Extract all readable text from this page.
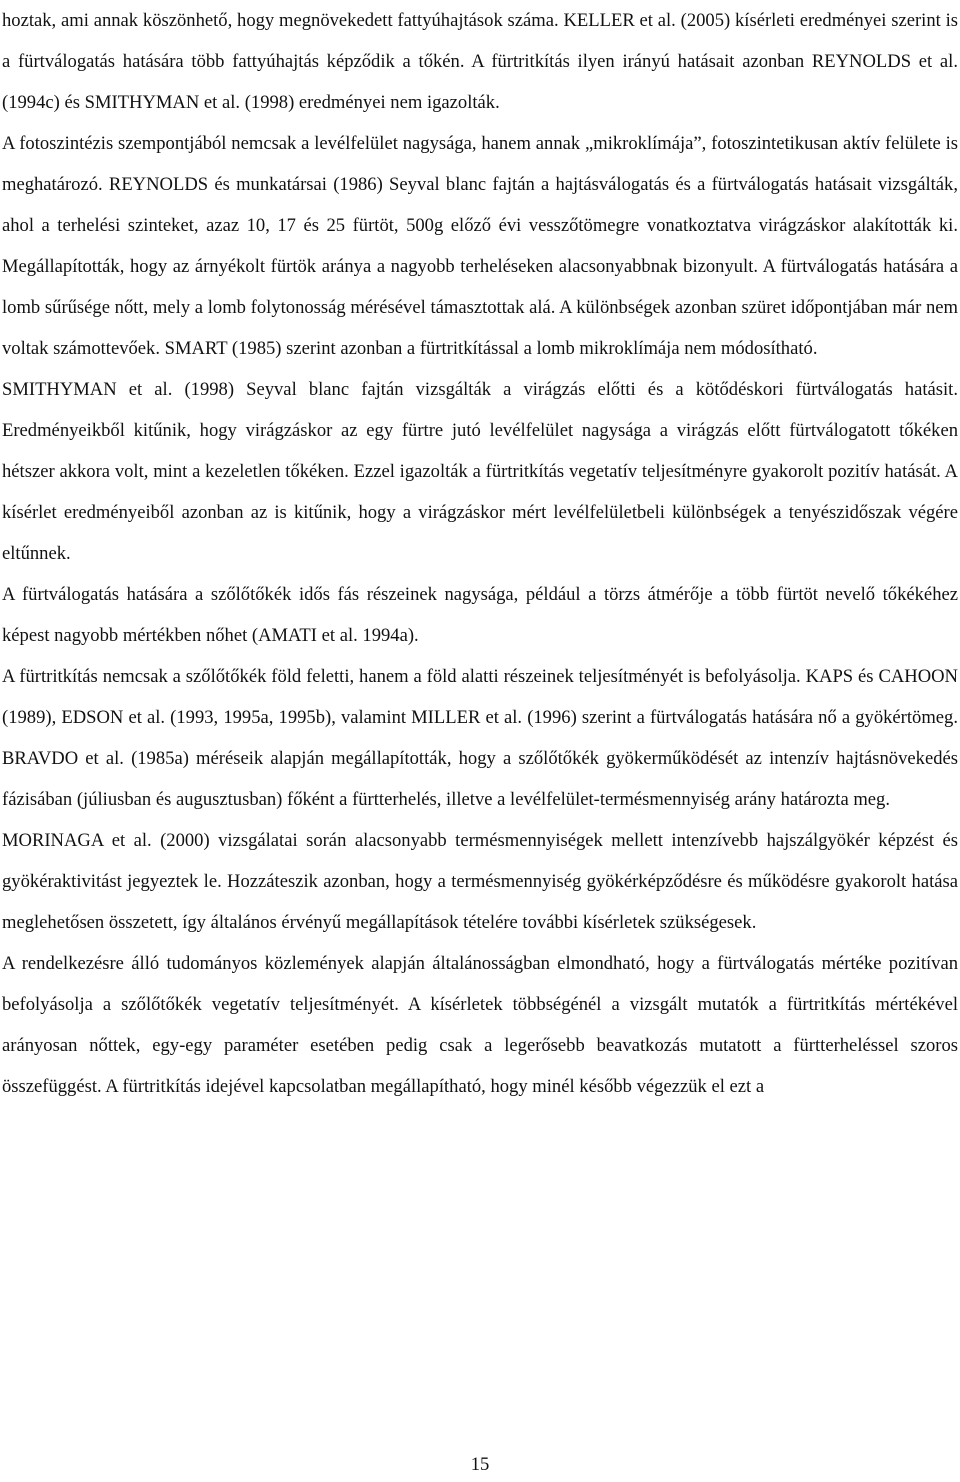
hoztak, ami annak köszönhető, hogy megnövekedett fattyúhajtások száma. KELLER et al. (2005) kísérleti eredményei szerint is a fürtválogatás hatására több fattyúhajtás képződik a tőkén. A fürtritkítás ilyen irányú hatásait azonban REYNOLDS et al. (1994c) és SMITHYMAN et al. (1998) eredményei nem igazolták.

A fotoszintézis szempontjából nemcsak a levélfelület nagysága, hanem annak „mikroklímája”, fotoszintetikusan aktív felülete is meghatározó. REYNOLDS és munkatársai (1986) Seyval blanc fajtán a hajtásválogatás és a fürtválogatás hatásait vizsgálták, ahol a terhelési szinteket, azaz 10, 17 és 25 fürtöt, 500g előző évi vesszőtömegre vonatkoztatva virágzáskor alakították ki. Megállapították, hogy az árnyékolt fürtök aránya a nagyobb terheléseken alacsonyabbnak bizonyult. A fürtválogatás hatására a lomb sűrűsége nőtt, mely a lomb folytonosság mérésével támasztottak alá. A különbségek azonban szüret időpontjában már nem voltak számottevőek. SMART (1985) szerint azonban a fürtritkítással a lomb mikroklímája nem módosítható.

SMITHYMAN et al. (1998) Seyval blanc fajtán vizsgálták a virágzás előtti és a kötődéskori fürtválogatás hatásit. Eredményeikből kitűnik, hogy virágzáskor az egy fürtre jutó levélfelület nagysága a virágzás előtt fürtválogatott tőkéken hétszer akkora volt, mint a kezeletlen tőkéken. Ezzel igazolták a fürtritkítás vegetatív teljesítményre gyakorolt pozitív hatását. A kísérlet eredményeiből azonban az is kitűnik, hogy a virágzáskor mért levélfelületbeli különbségek a tenyészidőszak végére eltűnnek.

A fürtválogatás hatására a szőlőtőkék idős fás részeinek nagysága, például a törzs átmérője a több fürtöt nevelő tőkékéhez képest nagyobb mértékben nőhet (AMATI et al. 1994a).

A fürtritkítás nemcsak a szőlőtőkék föld feletti, hanem a föld alatti részeinek teljesítményét is befolyásolja. KAPS és CAHOON (1989), EDSON et al. (1993, 1995a, 1995b), valamint MILLER et al. (1996) szerint a fürtválogatás hatására nő a gyökértömeg. BRAVDO et al. (1985a) méréseik alapján megállapították, hogy a szőlőtőkék gyökerműködését az intenzív hajtásnövekedés fázisában (júliusban és augusztusban) főként a fürtterhelés, illetve a levélfelület-termésmennyiség arány határozta meg.

MORINAGA et al. (2000) vizsgálatai során alacsonyabb termésmennyiségek mellett intenzívebb hajszálgyökér képzést és gyökéraktivitást jegyeztek le. Hozzáteszik azonban, hogy a termésmennyiség gyökérképződésre és működésre gyakorolt hatása meglehetősen összetett, így általános érvényű megállapítások tételére további kísérletek szükségesek.

A rendelkezésre álló tudományos közlemények alapján általánosságban elmondható, hogy a fürtválogatás mértéke pozitívan befolyásolja a szőlőtőkék vegetatív teljesítményét. A kísérletek többségénél a vizsgált mutatók a fürtritkítás mértékével arányosan nőttek, egy-egy paraméter esetében pedig csak a legerősebb beavatkozás mutatott a fürtterheléssel szoros összefüggést. A fürtritkítás idejével kapcsolatban megállapítható, hogy minél később végezzük el ezt a

15
